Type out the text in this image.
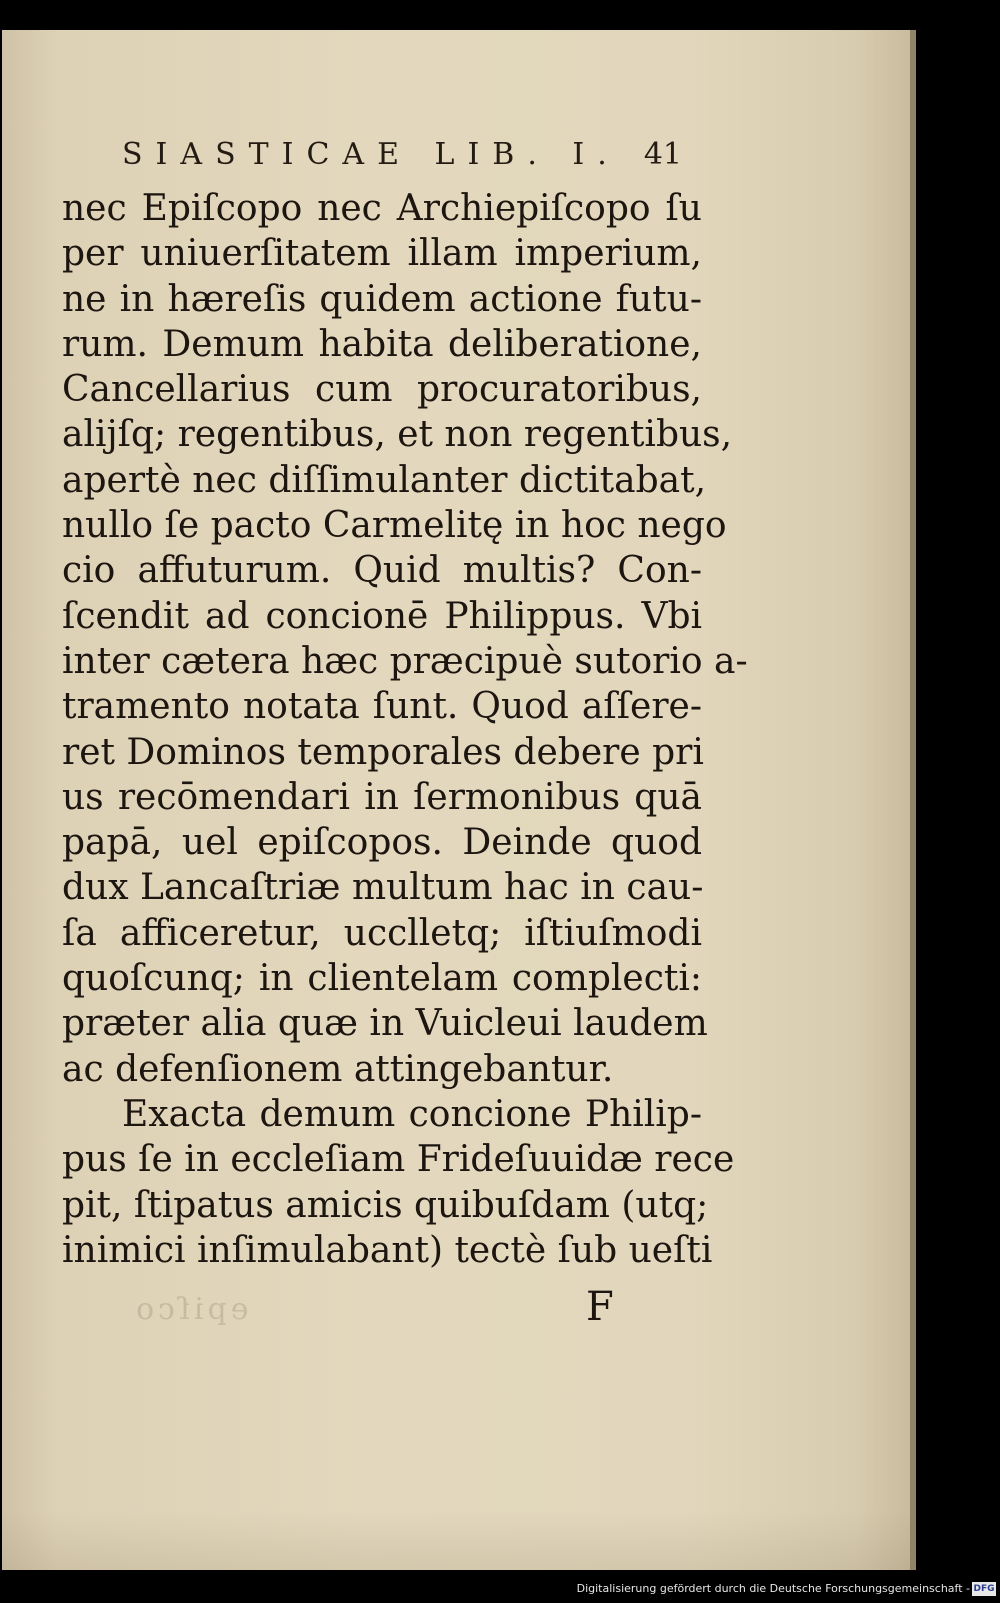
SIASTICAE LIB. I. 41
nec Epiſcopo nec Archiepiſcopo ſu
per uniuerſitatem illam imperium,
ne in hæreſis quidem actione futu-
rum. Demum habita deliberatione,
Cancellarius cum procuratoribus,
alijſq; regentibus, et non regentibus,
apertè nec diſſimulanter dictitabat,
nullo ſe pacto Carmelitę in hoc nego
cio affuturum. Quid multis? Con-
ſcendit ad concionē Philippus. Vbi
inter cætera hæc præcipuè sutorio a-
tramento notata ſunt. Quod aſſere-
ret Dominos temporales debere pri
us recōmendari in ſermonibus quā
papā, uel epiſcopos. Deinde quod
dux Lancaſtriæ multum hac in cau-
ſa afficeretur, ucclletq; iſtiuſmodi
quoſcunq; in clientelam complecti:
præter alia quæ in Vuicleui laudem
ac defenſionem attingebantur.
Exacta demum concione Philip-
pus ſe in eccleſiam Frideſuuidæ rece
pit, ſtipatus amicis quibuſdam (utq;
inimici inſimulabant) tectè ſub ueſti
epiſco	F
Digitalisierung gefördert durch die Deutsche Forschungsgemeinschaft - DFG
